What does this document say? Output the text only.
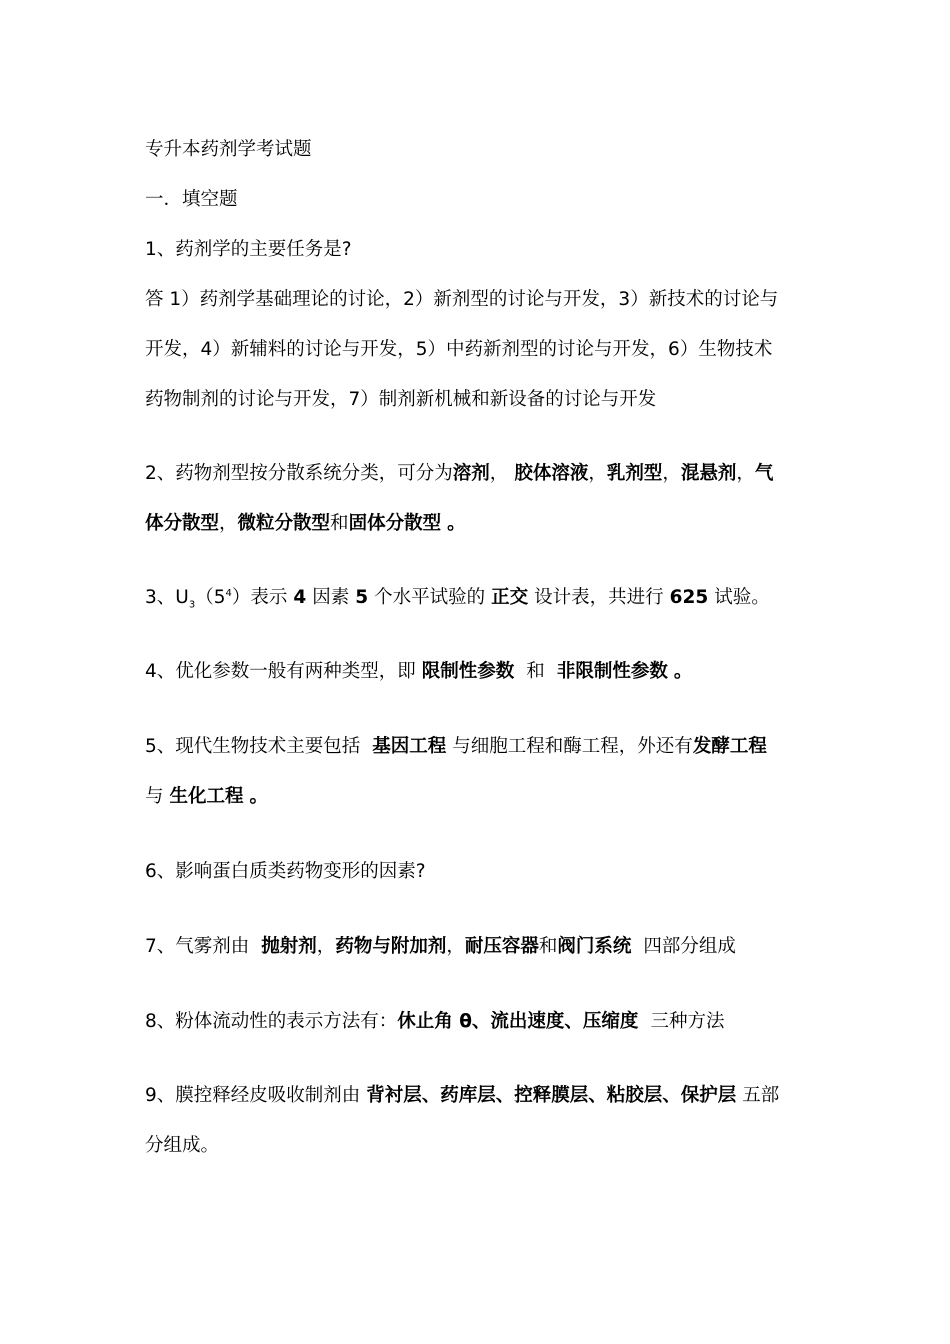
专升本药剂学考试题
一．填空题
1、药剂学的主要任务是?
答 1）药剂学基础理论的讨论，2）新剂型的讨论与开发，3）新技术的讨论与
开发，4）新辅料的讨论与开发，5）中药新剂型的讨论与开发，6）生物技术
药物制剂的讨论与开发，7）制剂新机械和新设备的讨论与开发
2、药物剂型按分散系统分类，可分为溶剂， 胶体溶液，乳剂型，混悬剂，气
体分散型，微粒分散型和固体分散型 。
3、$U_3(5^4)$表示 4 因素 5 个水平试验的 正交 设计表，共进行 625 试验。
4、优化参数一般有两种类型，即 限制性参数 和 非限制性参数 。
5、现代生物技术主要包括 基因工程 与细胞工程和酶工程，外还有发酵工程
与 生化工程 。
6、影响蛋白质类药物变形的因素?
7、气雾剂由 抛射剂，药物与附加剂，耐压容器和阀门系统 四部分组成
8、粉体流动性的表示方法有：休止角 θ、流出速度、压缩度 三种方法
9、膜控释经皮吸收制剂由 背衬层、药库层、控释膜层、粘胶层、保护层 五部
分组成。
